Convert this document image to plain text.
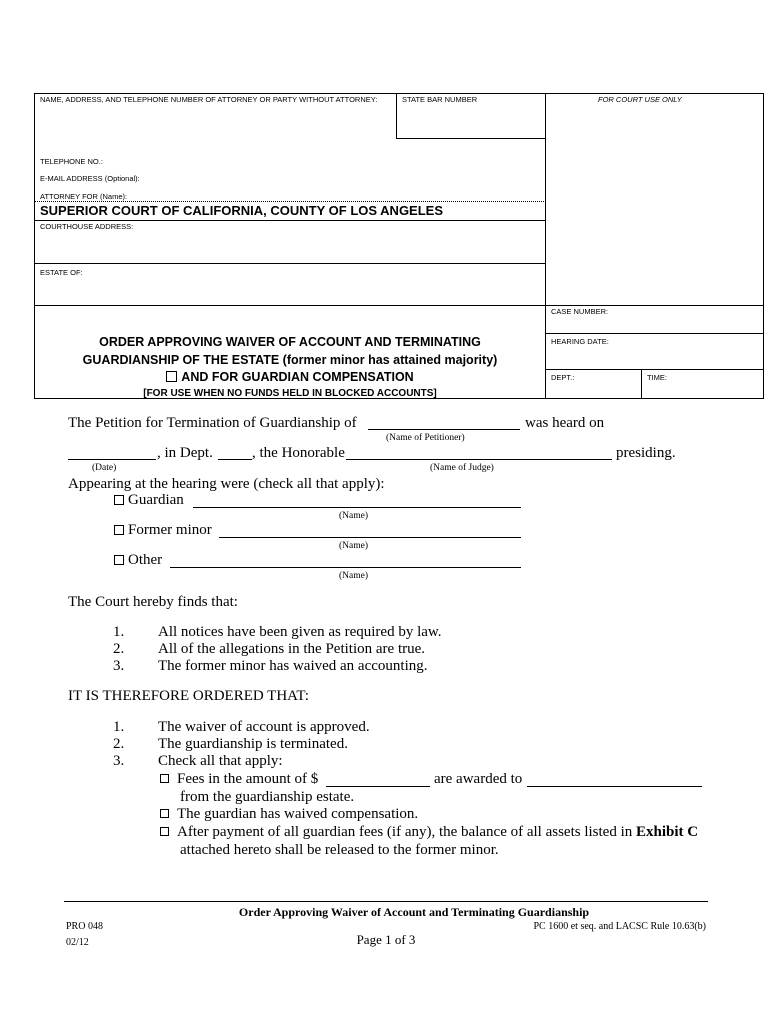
NAME, ADDRESS, AND TELEPHONE NUMBER OF ATTORNEY OR PARTY WITHOUT ATTORNEY:	STATE BAR NUMBER	FOR COURT USE ONLY
TELEPHONE NO.:
E-MAIL ADDRESS (Optional):
ATTORNEY FOR (Name):
SUPERIOR COURT OF CALIFORNIA, COUNTY OF LOS ANGELES
COURTHOUSE ADDRESS:
ESTATE OF:
CASE NUMBER:
HEARING DATE:
DEPT.:	TIME:
ORDER APPROVING WAIVER OF ACCOUNT AND TERMINATING
GUARDIANSHIP OF THE ESTATE (former minor has attained majority)
AND FOR GUARDIAN COMPENSATION
[FOR USE WHEN NO FUNDS HELD IN BLOCKED ACCOUNTS]
The Petition for Termination of Guardianship of	was heard on
(Name of Petitioner)
, in Dept.	, the Honorable	presiding.
(Date)	(Name of Judge)
Appearing at the hearing were (check all that apply):
Guardian
(Name)
Former minor
(Name)
Other
(Name)
The Court hereby finds that:
1. All notices have been given as required by law.
2. All of the allegations in the Petition are true.
3. The former minor has waived an accounting.
IT IS THEREFORE ORDERED THAT:
1. The waiver of account is approved.
2. The guardianship is terminated.
3. Check all that apply:
Fees in the amount of $	are awarded to
from the guardianship estate.
The guardian has waived compensation.
After payment of all guardian fees (if any), the balance of all assets listed in Exhibit C
attached hereto shall be released to the former minor.
Order Approving Waiver of Account and Terminating Guardianship
PRO 048
02/12
PC 1600 et seq. and LACSC Rule 10.63(b)
Page 1 of 3
